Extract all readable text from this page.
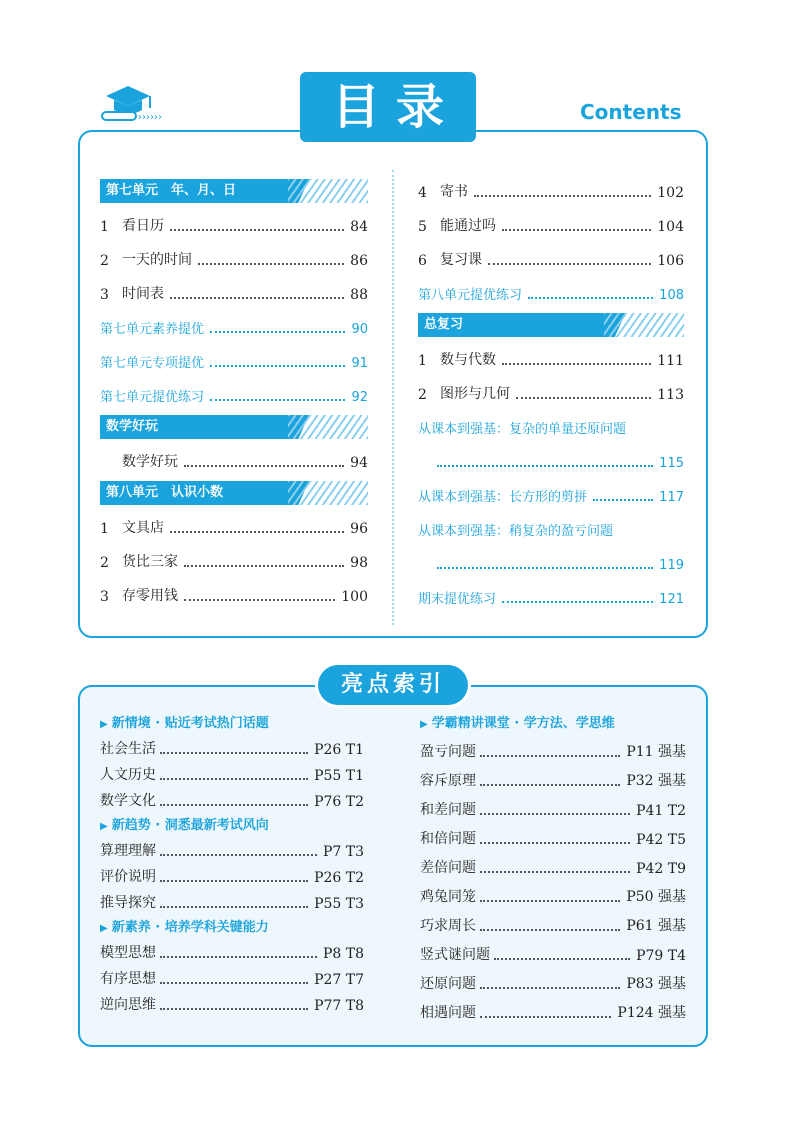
››››››	目录	Contents
第七单元　年、月、日
1 看日历	84
2 一天的时间	86
3 时间表	88
第七单元素养提优	90
第七单元专项提优	91
第七单元提优练习	92
数学好玩
数学好玩	94
第八单元　认识小数
1 文具店	96
2 货比三家	98
3 存零用钱	100
4 寄书	102
5 能通过吗	104
6 复习课	106
第八单元提优练习	108
总复习
1 数与代数	111
2 图形与几何	113
从课本到强基：复杂的单量还原问题

115
从课本到强基：长方形的剪拼	117
从课本到强基：稍复杂的盈亏问题

119
期末提优练习	121
亮点索引
▶ 新情境 · 贴近考试热门话题
社会生活	P26 T1
人文历史	P55 T1
数学文化	P76 T2
▶ 新趋势 · 洞悉最新考试风向
算理理解	P7 T3
评价说明	P26 T2
推导探究	P55 T3
▶ 新素养 · 培养学科关键能力
模型思想	P8 T8
有序思想	P27 T7
逆向思维	P77 T8
▶ 学霸精讲课堂 · 学方法、学思维
盈亏问题	P11 强基
容斥原理	P32 强基
和差问题	P41 T2
和倍问题	P42 T5
差倍问题	P42 T9
鸡兔同笼	P50 强基
巧求周长	P61 强基
竖式谜问题	P79 T4
还原问题	P83 强基
相遇问题	P124 强基
